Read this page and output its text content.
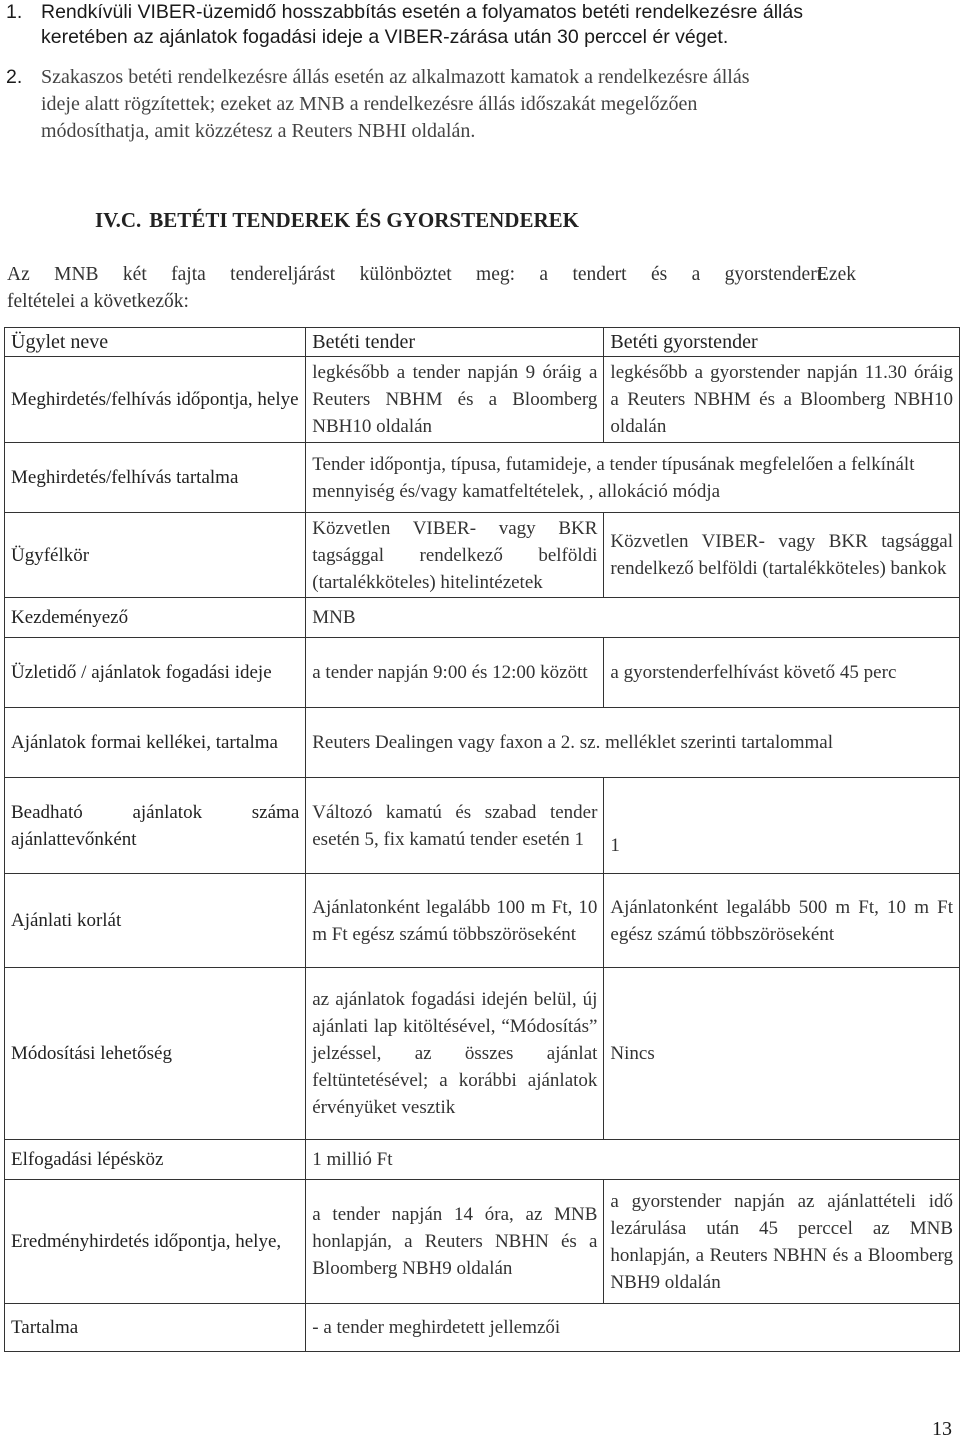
1. Rendkívüli VIBER-üzemidő hosszabbítás esetén a folyamatos betéti rendelkezésre állás
keretében az ajánlatok fogadási ideje a VIBER-zárása után 30 perccel ér véget.
2. Szakaszos betéti rendelkezésre állás esetén az alkalmazott kamatok a rendelkezésre állás
ideje alatt rögzítettek; ezeket az MNB a rendelkezésre állás időszakát megelőzően
módosíthatja, amit közzétesz a Reuters NBHI oldalán.
IV.C. BETÉTI TENDEREK ÉS GYORSTENDEREK
Az MNB két fajta tendereljárást különböztet meg: a tendert és a gyorstendert.
Ezek
feltételei a következők:
Ügylet neve	Betéti tender	Betéti gyorstender
Meghirdetés/felhívás időpontja, helye	legkésőbb a tender napján 9 óráig a Reuters NBHM és a Bloomberg NBH10 oldalán	legkésőbb a gyorstender napján 11.30 óráig a Reuters NBHM és a Bloomberg NBH10 oldalán
Meghirdetés/felhívás tartalma	Tender időpontja, típusa, futamideje, a tender típusának megfelelően a felkínált mennyiség és/vagy kamatfeltételek, , allokáció módja	
Ügyfélkör	Közvetlen VIBER- vagy BKR tagsággal rendelkező belföldi (tartalékköteles) hitelintézetek	Közvetlen VIBER- vagy BKR tagsággal rendelkező belföldi (tartalékköteles) bankok
Kezdeményező	MNB	
Üzletidő / ajánlatok fogadási ideje	a tender napján 9:00 és 12:00 között	a gyorstenderfelhívást követő 45 perc
Ajánlatok formai kellékei, tartalma	Reuters Dealingen vagy faxon a 2. sz. melléklet szerinti tartalommal	
Beadható ajánlatok száma ajánlattevőnként	Változó kamatú és szabad tender esetén 5, fix kamatú tender esetén 1	1
Ajánlati korlát	Ajánlatonként legalább 100 m Ft, 10 m Ft egész számú többszöröseként	Ajánlatonként legalább 500 m Ft, 10 m Ft egész számú többszöröseként
Módosítási lehetőség	az ajánlatok fogadási idején belül, új ajánlati lap kitöltésével, “Módosítás” jelzéssel, az összes ajánlat feltüntetésével; a korábbi ajánlatok érvényüket vesztik	Nincs
Elfogadási lépésköz	1 millió Ft	
Eredményhirdetés időpontja, helye,	a tender napján 14 óra, az MNB honlapján, a Reuters NBHN és a Bloomberg NBH9 oldalán	a gyorstender napján az ajánlattételi idő lezárulása után 45 perccel az MNB honlapján, a Reuters NBHN és a Bloomberg NBH9 oldalán
Tartalma	- a tender meghirdetett jellemzői	
13
